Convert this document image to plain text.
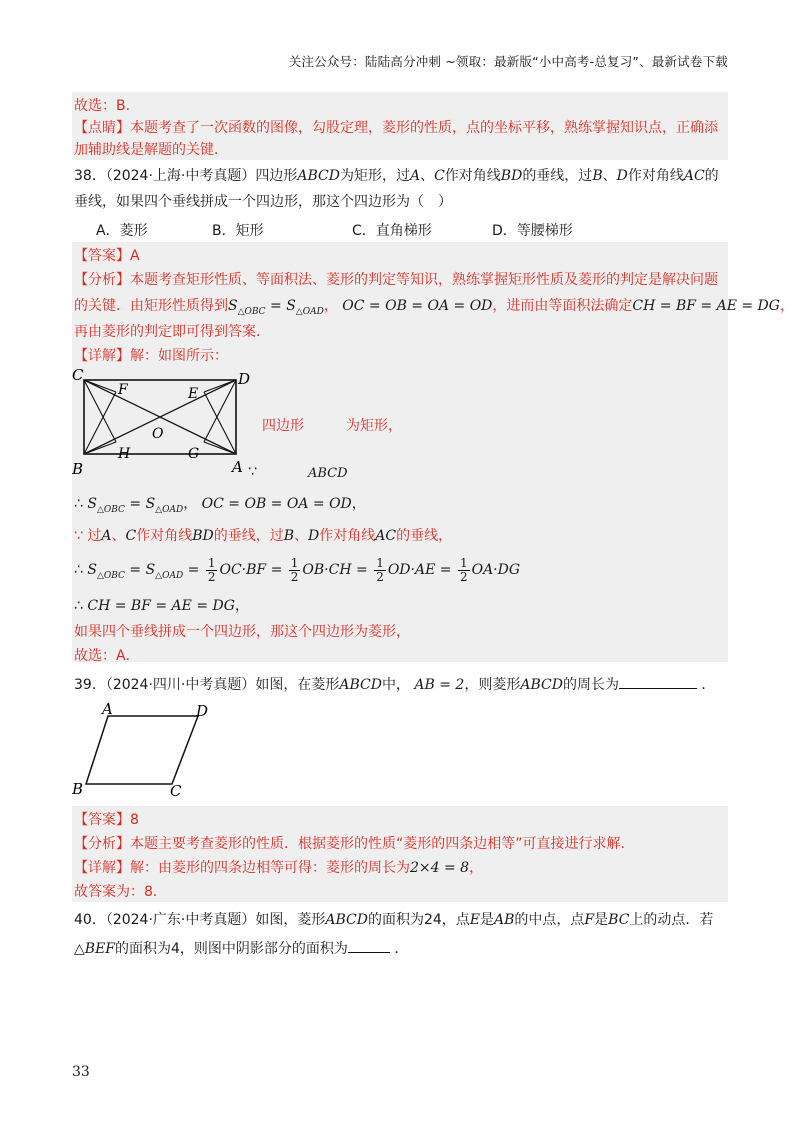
关注公众号：陆陆高分冲刺 ~领取：最新版“小中高考-总复习”、最新试卷下载
故选：B．
【点睛】本题考查了一次函数的图像，勾股定理，菱形的性质，点的坐标平移，熟练掌握知识点，正确添
加辅助线是解题的关键．
38．（2024·上海·中考真题）四边形ABCD为矩形，过A、C作对角线BD的垂线，过B、D作对角线AC的
垂线，如果四个垂线拼成一个四边形，那这个四边形为（　）
A．菱形	B．矩形	C．直角梯形	D．等腰梯形
【答案】A
【分析】本题考查矩形性质、等面积法、菱形的判定等知识，熟练掌握矩形性质及菱形的判定是解决问题
的关键．由矩形性质得到$S_{\triangle OBC} = S_{\triangle OAD}$， OC = OB = OA = OD，进而由等面积法确定CH = BF = AE = DG，
再由菱形的判定即可得到答案．
【详解】解：如图所示：
C	D
B	A
F	E
O
H	G
四边形	为矩形，
∵	ABCD
∴ $S_{\triangle OBC} = S_{\triangle OAD}$， OC = OB = OA = OD，
∵ 过A、C作对角线BD的垂线，过B、D作对角线AC的垂线，
∴ $S_{\triangle OBC} = S_{\triangle OAD} = \frac{1}{2} OC\cdot BF = \frac{1}{2} OB\cdot CH = \frac{1}{2} OD\cdot AE = \frac{1}{2} OA\cdot DG$
∴ CH = BF = AE = DG，
如果四个垂线拼成一个四边形，那这个四边形为菱形，
故选：A．
39．（2024·四川·中考真题）如图，在菱形ABCD中， AB = 2，则菱形ABCD的周长为	．
A	D
B	C
【答案】8
【分析】本题主要考查菱形的性质．根据菱形的性质“菱形的四条边相等”可直接进行求解．
【详解】解：由菱形的四条边相等可得：菱形的周长为2×4 = 8，
故答案为：8．
40．（2024·广东·中考真题）如图，菱形ABCD的面积为24，点E是AB的中点，点F是BC上的动点．若
△BEF的面积为4，则图中阴影部分的面积为	．
33
